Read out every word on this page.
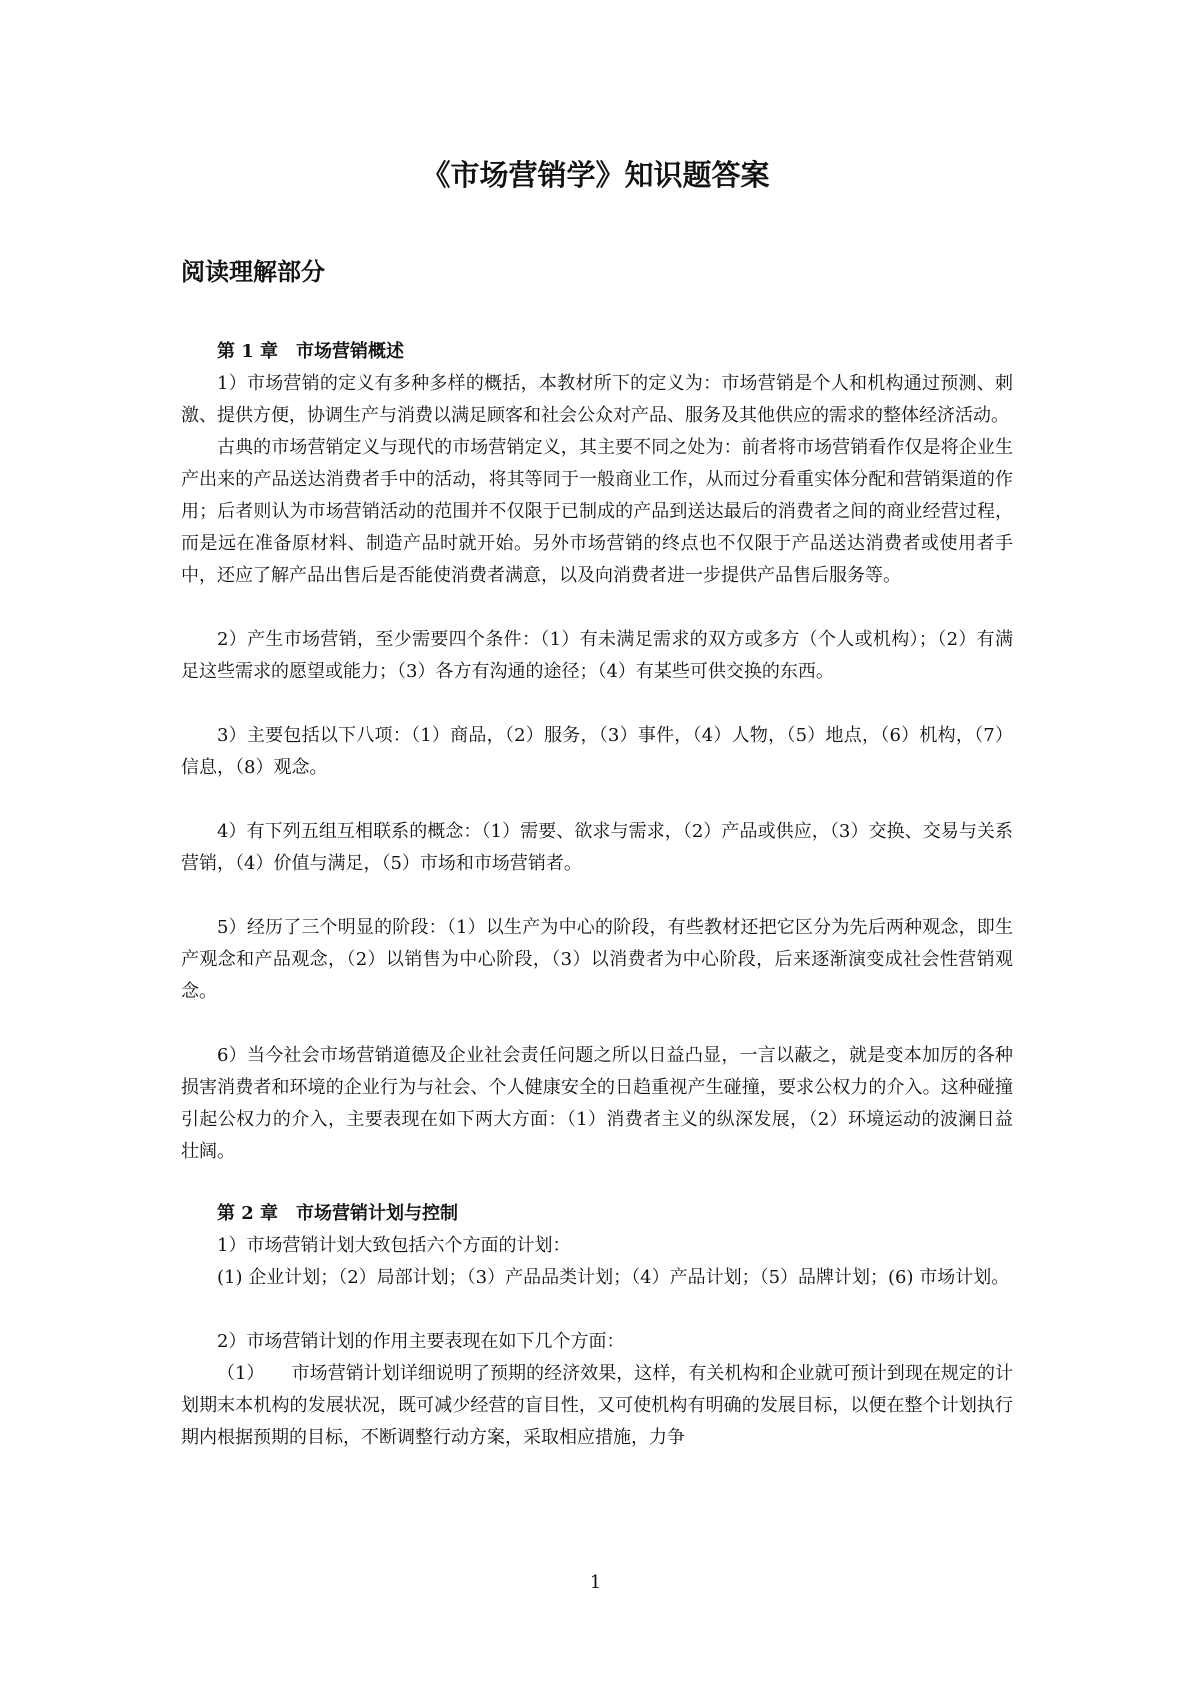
《市场营销学》知识题答案
阅读理解部分

第 1 章　市场营销概述

1）市场营销的定义有多种多样的概括，本教材所下的定义为：市场营销是个人和机构通过预测、刺激、提供方便，协调生产与消费以满足顾客和社会公众对产品、服务及其他供应的需求的整体经济活动。

古典的市场营销定义与现代的市场营销定义，其主要不同之处为：前者将市场营销看作仅是将企业生产出来的产品送达消费者手中的活动，将其等同于一般商业工作，从而过分看重实体分配和营销渠道的作用；后者则认为市场营销活动的范围并不仅限于已制成的产品到送达最后的消费者之间的商业经营过程，而是远在准备原材料、制造产品时就开始。另外市场营销的终点也不仅限于产品送达消费者或使用者手中，还应了解产品出售后是否能使消费者满意，以及向消费者进一步提供产品售后服务等。

2）产生市场营销，至少需要四个条件：（1）有未满足需求的双方或多方（个人或机构）；（2）有满足这些需求的愿望或能力；（3）各方有沟通的途径；（4）有某些可供交换的东西。

3）主要包括以下八项：（1）商品，（2）服务，（3）事件，（4）人物，（5）地点，（6）机构，（7）信息，（8）观念。

4）有下列五组互相联系的概念：（1）需要、欲求与需求，（2）产品或供应，（3）交换、交易与关系营销，（4）价值与满足，（5）市场和市场营销者。

5）经历了三个明显的阶段：（1）以生产为中心的阶段，有些教材还把它区分为先后两种观念，即生产观念和产品观念，（2）以销售为中心阶段，（3）以消费者为中心阶段，后来逐渐演变成社会性营销观念。

6）当今社会市场营销道德及企业社会责任问题之所以日益凸显，一言以蔽之，就是变本加厉的各种损害消费者和环境的企业行为与社会、个人健康安全的日趋重视产生碰撞，要求公权力的介入。这种碰撞引起公权力的介入，主要表现在如下两大方面：（1）消费者主义的纵深发展，（2）环境运动的波澜日益壮阔。

第 2 章　市场营销计划与控制

1）市场营销计划大致包括六个方面的计划：

(1) 企业计划；（2）局部计划；（3）产品品类计划；（4）产品计划；（5）品牌计划；(6) 市场计划。

2）市场营销计划的作用主要表现在如下几个方面：

（1）　　市场营销计划详细说明了预期的经济效果，这样，有关机构和企业就可预计到现在规定的计划期末本机构的发展状况，既可减少经营的盲目性，又可使机构有明确的发展目标，以便在整个计划执行期内根据预期的目标，不断调整行动方案，采取相应措施，力争

1
